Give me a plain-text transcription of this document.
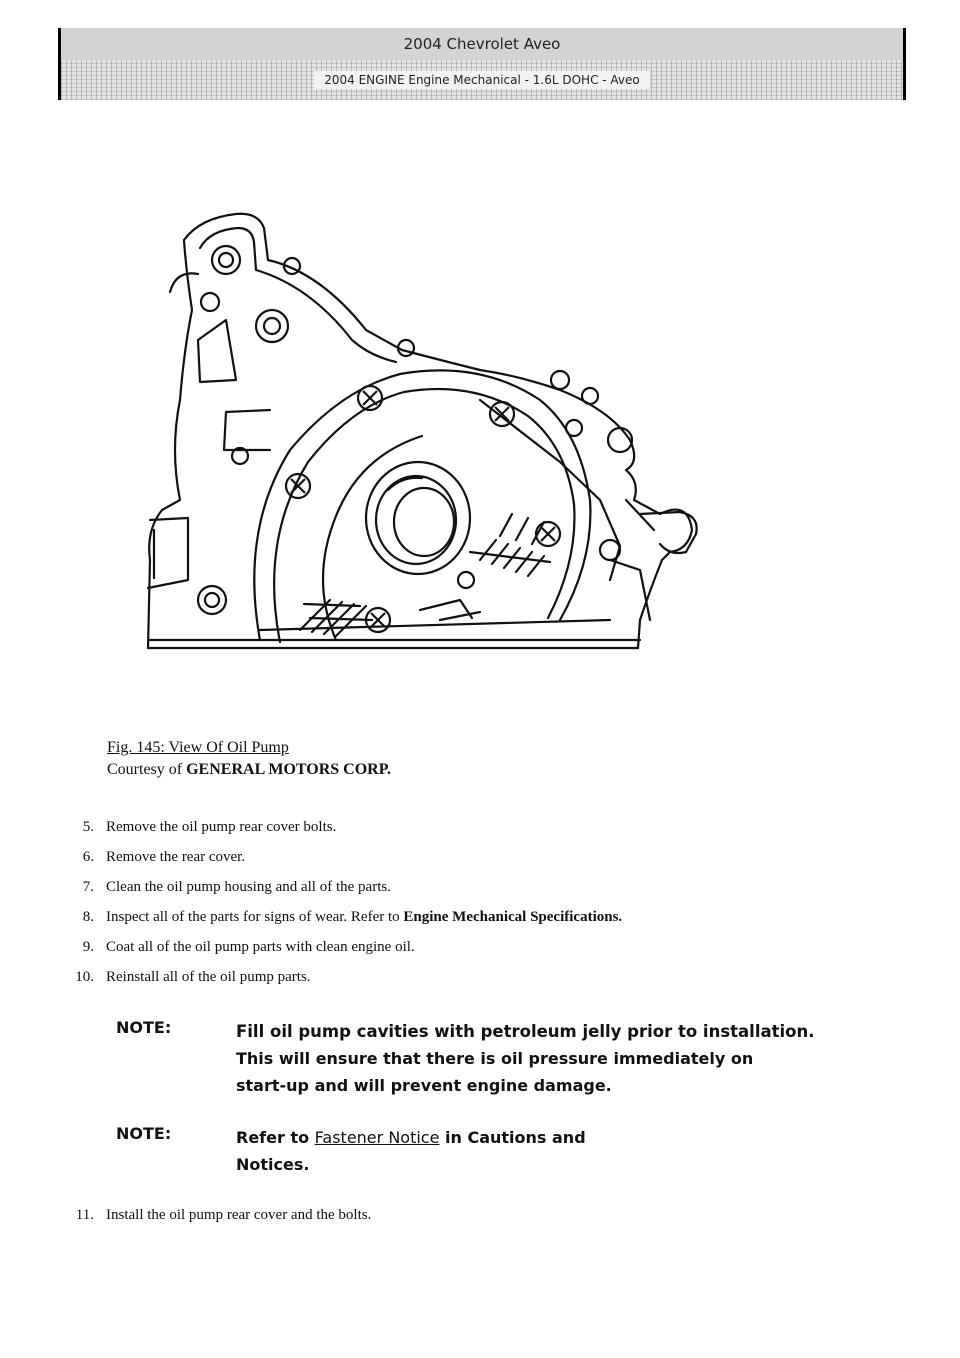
2004 Chevrolet Aveo
2004 ENGINE Engine Mechanical - 1.6L DOHC - Aveo
Fig. 145: View Of Oil Pump
Courtesy of GENERAL MOTORS CORP.
5. Remove the oil pump rear cover bolts.
6. Remove the rear cover.
7. Clean the oil pump housing and all of the parts.
8. Inspect all of the parts for signs of wear. Refer to Engine Mechanical Specifications.
9. Coat all of the oil pump parts with clean engine oil.
10. Reinstall all of the oil pump parts.
NOTE:	Fill oil pump cavities with petroleum jelly prior to installation.
This will ensure that there is oil pressure immediately on
start-up and will prevent engine damage.
NOTE:	Refer to Fastener Notice in Cautions and
Notices.
11. Install the oil pump rear cover and the bolts.
